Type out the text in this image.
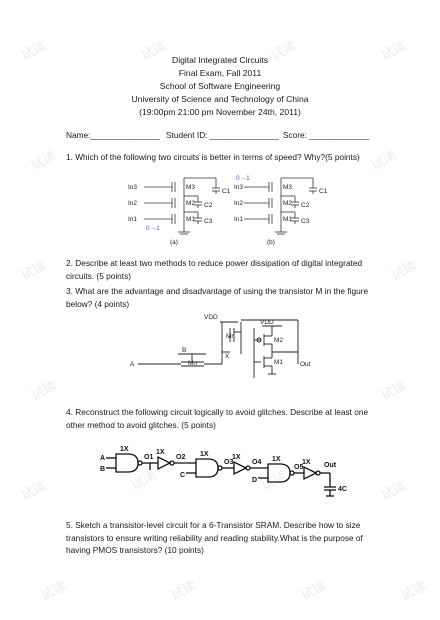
试读	试读	试读	试读
试读	试读
试读	试读
试读	试读
试读	试读	试读	试读
试读	试读	试读	试读
Digital Integrated Circuits
Final Exam, Fall 2011
School of Software Engineering
University of Science and Technology of China
(19:00pm 21:00 pm November 24th, 2011)
Name:_______________ Student ID: _______________ Score: _____________
1. Which of the following two circuits is better in terms of speed? Why?(5 points)
In3
In2
In1
M3
M2
M1
C1
C2
C3
0→1
(a)
In3
In2
In1
M3
M2
M1
C1
C2
C3
0→1
(b)
2. Describe at least two methods to reduce power dissipation of digital integrated circuits. (5 points)
3. What are the advantage and disadvantage of using the transistor M in the figure below? (4 points)
VDD
VDD
M2
M1
Mr
Mn
X
A
B
Out
4. Reconstruct the following circuit logically to avoid glitches. Describe at least one other method to avoid glitches. (5 points)
A
B
C
D
O1	O2
O3	O4
O5
1X	1X	1X	1X	1X	1X Out
4C
5. Sketch a transistor-level circuit for a 6-Transistor SRAM. Describe how to size transistors to ensure writing reliability and reading stability.What is the purpose of having PMOS transistors? (10 points)
